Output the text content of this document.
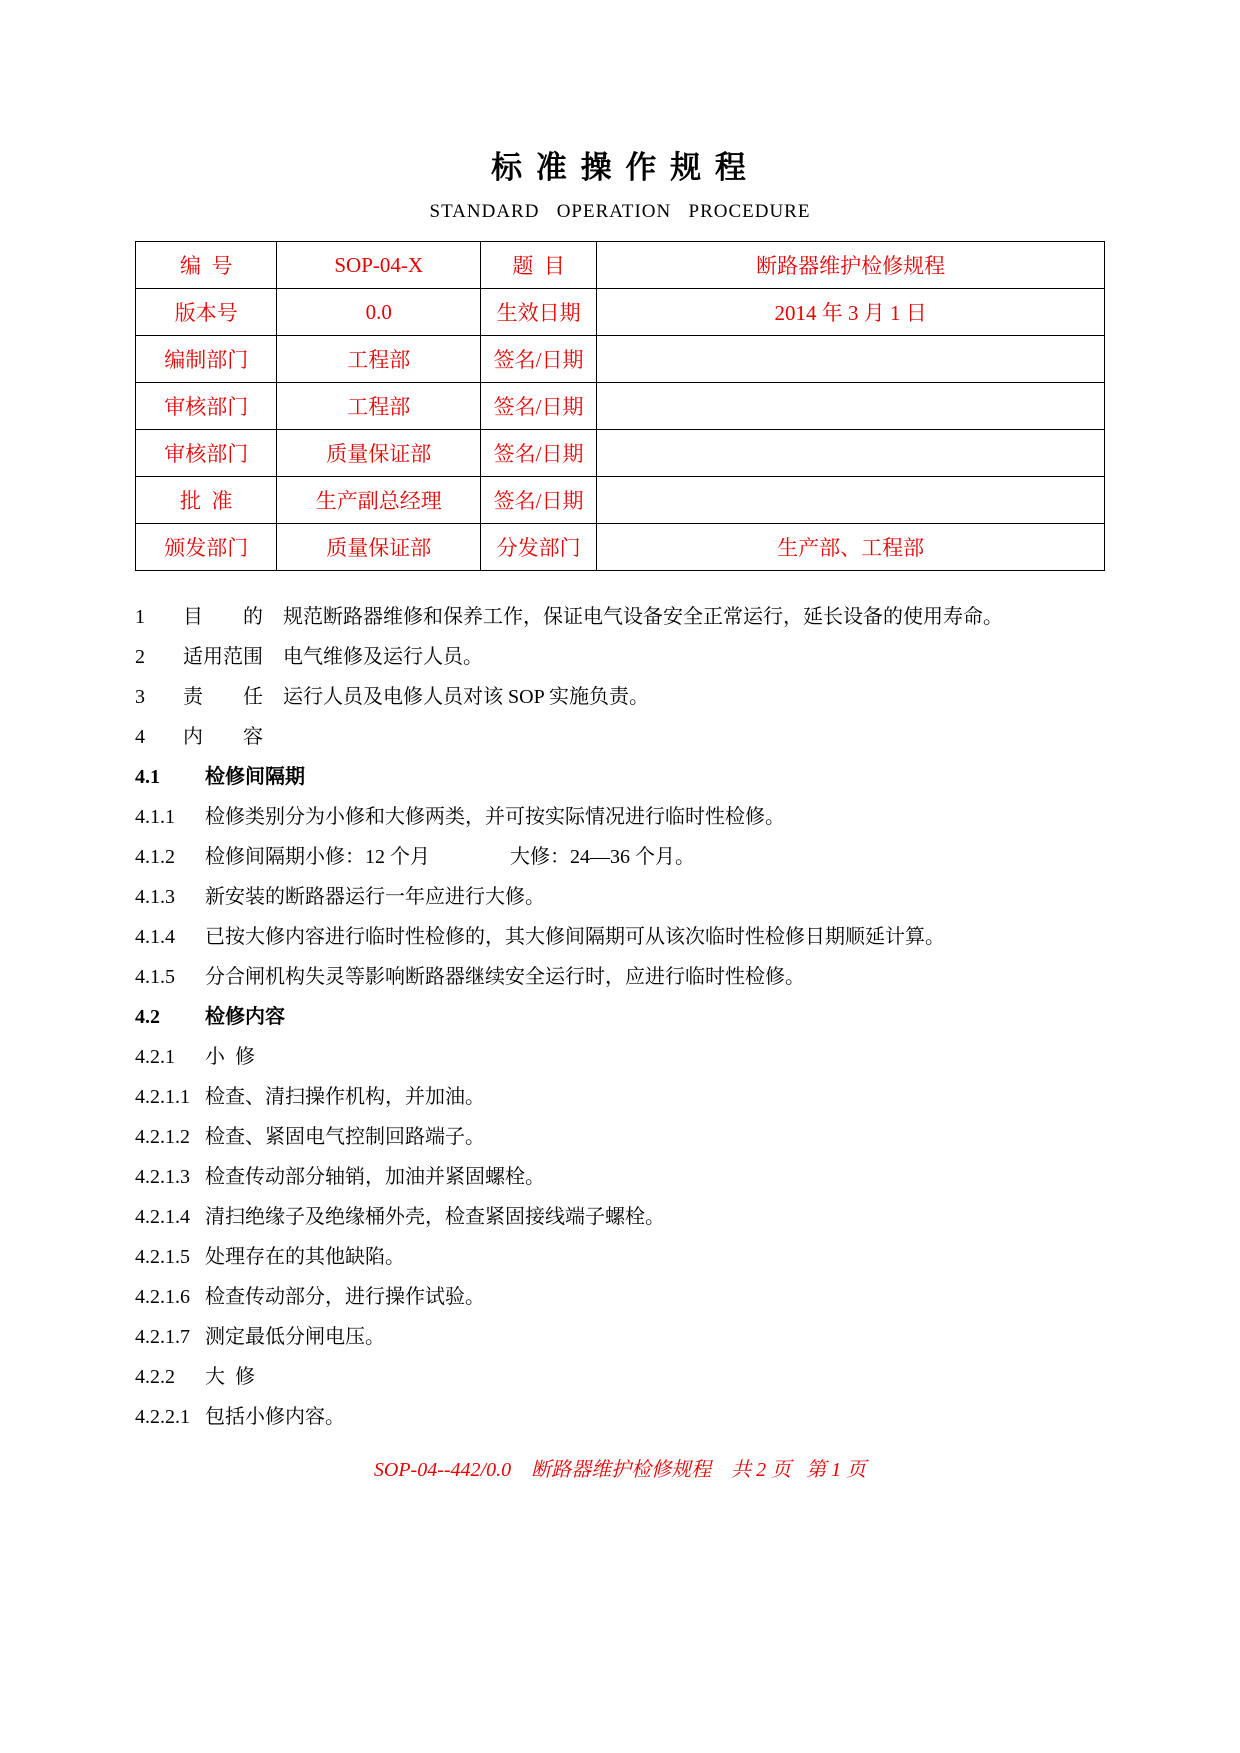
标 准 操 作 规 程
STANDARD   OPERATION   PROCEDURE
编  号	SOP-04-X	题  目	断路器维护检修规程
版本号	0.0	生效日期	2014 年 3 月 1 日
编制部门	工程部	签名/日期	
审核部门	工程部	签名/日期	
审核部门	质量保证部	签名/日期	
批  准	生产副总经理	签名/日期	
颁发部门	质量保证部	分发部门	生产部、工程部
1	目　　的	规范断路器维修和保养工作，保证电气设备安全正常运行，延长设备的使用寿命。
2	适用范围	电气维修及运行人员。
3	责　　任	运行人员及电修人员对该 SOP 实施负责。
4	内　　容
4.1	检修间隔期
4.1.1	检修类别分为小修和大修两类，并可按实际情况进行临时性检修。
4.1.2	检修间隔期小修：12 个月　　　　大修：24—36 个月。
4.1.3	新安装的断路器运行一年应进行大修。
4.1.4	已按大修内容进行临时性检修的，其大修间隔期可从该次临时性检修日期顺延计算。
4.1.5	分合闸机构失灵等影响断路器继续安全运行时，应进行临时性检修。
4.2	检修内容
4.2.1	小  修
4.2.1.1 检查、清扫操作机构，并加油。
4.2.1.2 检查、紧固电气控制回路端子。
4.2.1.3 检查传动部分轴销，加油并紧固螺栓。
4.2.1.4 清扫绝缘子及绝缘桶外壳，检查紧固接线端子螺栓。
4.2.1.5 处理存在的其他缺陷。
4.2.1.6 检查传动部分，进行操作试验。
4.2.1.7 测定最低分闸电压。
4.2.2	大  修
4.2.2.1 包括小修内容。
SOP-04--442/0.0    断路器维护检修规程    共 2 页   第 1 页
